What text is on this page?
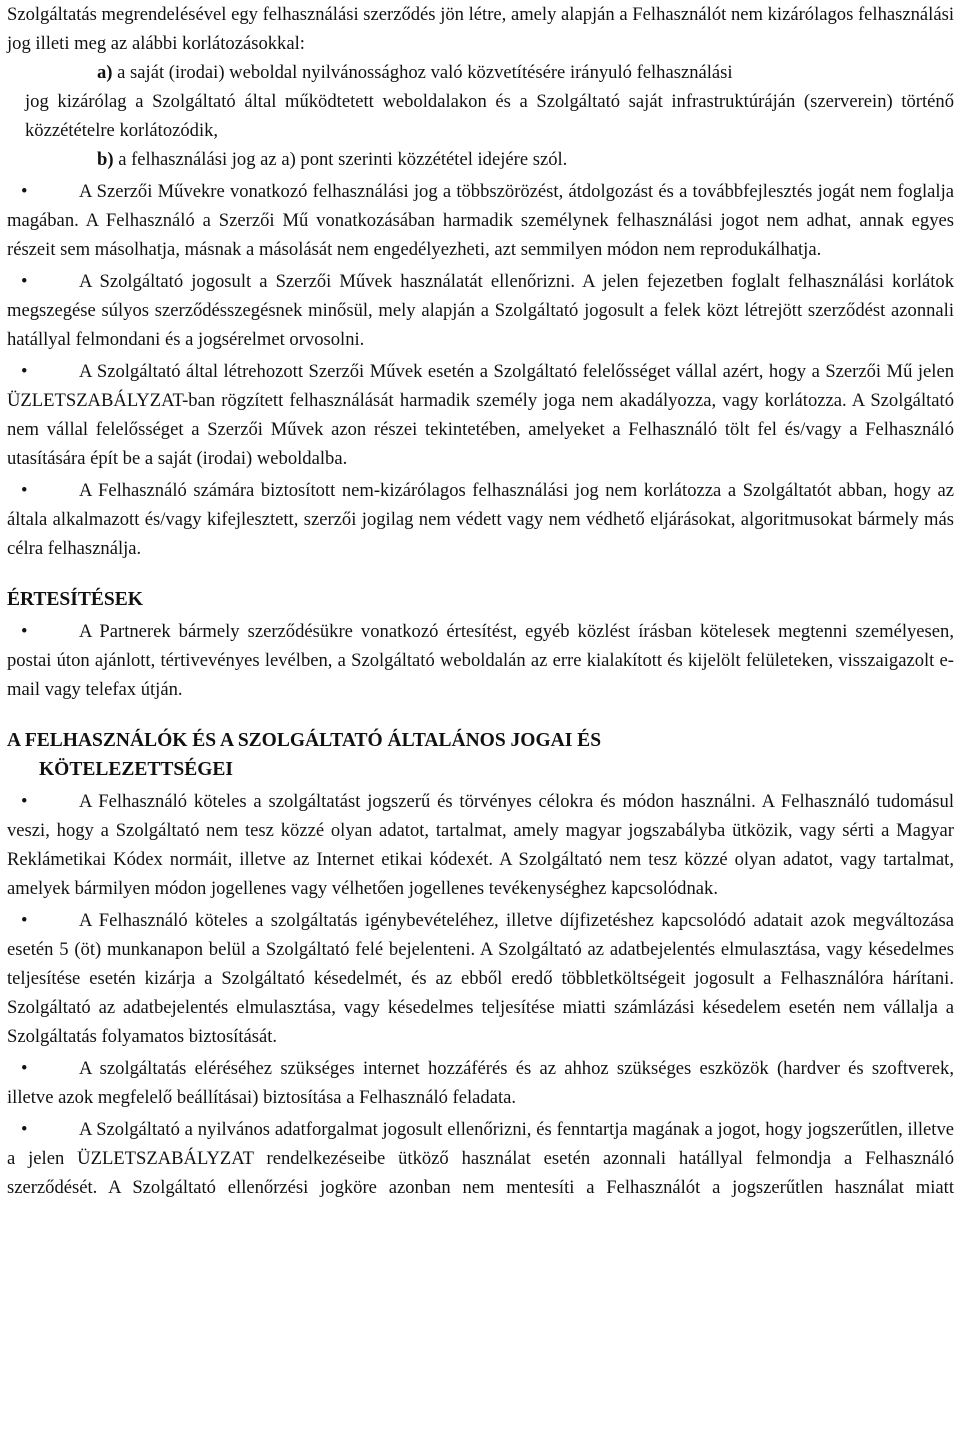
Szolgáltatás megrendelésével egy felhasználási szerződés jön létre, amely alapján a Felhasználót nem kizárólagos felhasználási jog illeti meg az alábbi korlátozásokkal:

a) a saját (irodai) weboldal nyilvánossághoz való közvetítésére irányuló felhasználási

jog kizárólag a Szolgáltató által működtetett weboldalakon és a Szolgáltató saját infrastruktúráján (szerverein) történő közzétételre korlátozódik,

b) a felhasználási jog az a) pont szerinti közzététel idejére szól.

•	A Szerzői Művekre vonatkozó felhasználási jog a többszörözést, átdolgozást és a továbbfejlesztés jogát nem foglalja magában. A Felhasználó a Szerzői Mű vonatkozásában harmadik személynek felhasználási jogot nem adhat, annak egyes részeit sem másolhatja, másnak a másolását nem engedélyezheti, azt semmilyen módon nem reprodukálhatja.

•	A Szolgáltató jogosult a Szerzői Művek használatát ellenőrizni. A jelen fejezetben foglalt felhasználási korlátok megszegése súlyos szerződésszegésnek minősül, mely alapján a Szolgáltató jogosult a felek közt létrejött szerződést azonnali hatállyal felmondani és a jogsérelmet orvosolni.

•	A Szolgáltató által létrehozott Szerzői Művek esetén a Szolgáltató felelősséget vállal azért, hogy a Szerzői Mű jelen ÜZLETSZABÁLYZAT-ban rögzített felhasználását harmadik személy joga nem akadályozza, vagy korlátozza. A Szolgáltató nem vállal felelősséget a Szerzői Művek azon részei tekintetében, amelyeket a Felhasználó tölt fel és/vagy a Felhasználó utasítására épít be a saját (irodai) weboldalba.

•	A Felhasználó számára biztosított nem-kizárólagos felhasználási jog nem korlátozza a Szolgáltatót abban, hogy az általa alkalmazott és/vagy kifejlesztett, szerzői jogilag nem védett vagy nem védhető eljárásokat, algoritmusokat bármely más célra felhasználja.

ÉRTESÍTÉSEK

•	A Partnerek bármely szerződésükre vonatkozó értesítést, egyéb közlést írásban kötelesek megtenni személyesen, postai úton ajánlott, tértivevényes levélben, a Szolgáltató weboldalán az erre kialakított és kijelölt felületeken, visszaigazolt e-mail vagy telefax útján.

A FELHASZNÁLÓK ÉS A SZOLGÁLTATÓ ÁLTALÁNOS JOGAI ÉS
KÖTELEZETTSÉGEI

•	A Felhasználó köteles a szolgáltatást jogszerű és törvényes célokra és módon használni. A Felhasználó tudomásul veszi, hogy a Szolgáltató nem tesz közzé olyan adatot, tartalmat, amely magyar jogszabályba ütközik, vagy sérti a Magyar Reklámetikai Kódex normáit, illetve az Internet etikai kódexét. A Szolgáltató nem tesz közzé olyan adatot, vagy tartalmat, amelyek bármilyen módon jogellenes vagy vélhetően jogellenes tevékenységhez kapcsolódnak.

•	A Felhasználó köteles a szolgáltatás igénybevételéhez, illetve díjfizetéshez kapcsolódó adatait azok megváltozása esetén 5 (öt) munkanapon belül a Szolgáltató felé bejelenteni. A Szolgáltató az adatbejelentés elmulasztása, vagy késedelmes teljesítése esetén kizárja a Szolgáltató késedelmét, és az ebből eredő többletköltségeit jogosult a Felhasználóra hárítani. Szolgáltató az adatbejelentés elmulasztása, vagy késedelmes teljesítése miatti számlázási késedelem esetén nem vállalja a Szolgáltatás folyamatos biztosítását.

•	A szolgáltatás eléréséhez szükséges internet hozzáférés és az ahhoz szükséges eszközök (hardver és szoftverek, illetve azok megfelelő beállításai) biztosítása a Felhasználó feladata.

•	A Szolgáltató a nyilvános adatforgalmat jogosult ellenőrizni, és fenntartja magának a jogot, hogy jogszerűtlen, illetve a jelen ÜZLETSZABÁLYZAT rendelkezéseibe ütköző használat esetén azonnali hatállyal felmondja a Felhasználó szerződését. A Szolgáltató ellenőrzési jogköre azonban nem mentesíti a Felhasználót a jogszerűtlen használat miatt
